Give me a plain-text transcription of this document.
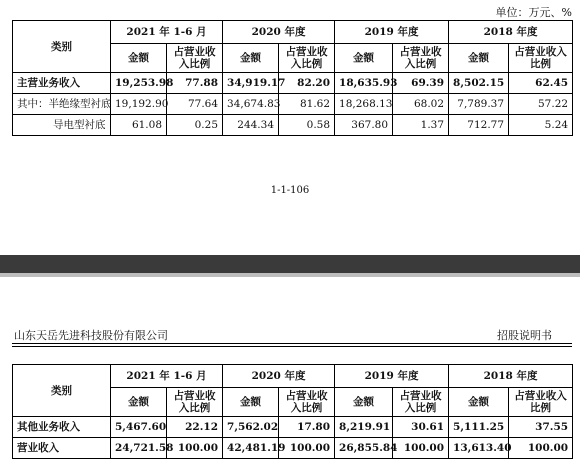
单位：万元、%
类别	2021 年 1-6 月		2020 年度		2019 年度		2018 年度	
	金额	占营业收入比例	金额	占营业收入比例	金额	占营业收入比例	金额	占营业收入比例
主营业务收入	19,253.98	77.88	34,919.17	82.20	18,635.93	69.39	8,502.15	62.45
其中：半绝缘型衬底	19,192.90	77.64	34,674.83	81.62	18,268.13	68.02	7,789.37	57.22
导电型衬底	61.08	0.25	244.34	0.58	367.80	1.37	712.77	5.24
1-1-106
山东天岳先进科技股份有限公司	招股说明书
类别	2021 年 1-6 月		2020 年度		2019 年度		2018 年度	
	金额	占营业收入比例	金额	占营业收入比例	金额	占营业收入比例	金额	占营业收入比例
其他业务收入	5,467.60	22.12	7,562.02	17.80	8,219.91	30.61	5,111.25	37.55
营业收入	24,721.58	100.00	42,481.19	100.00	26,855.84	100.00	13,613.40	100.00
